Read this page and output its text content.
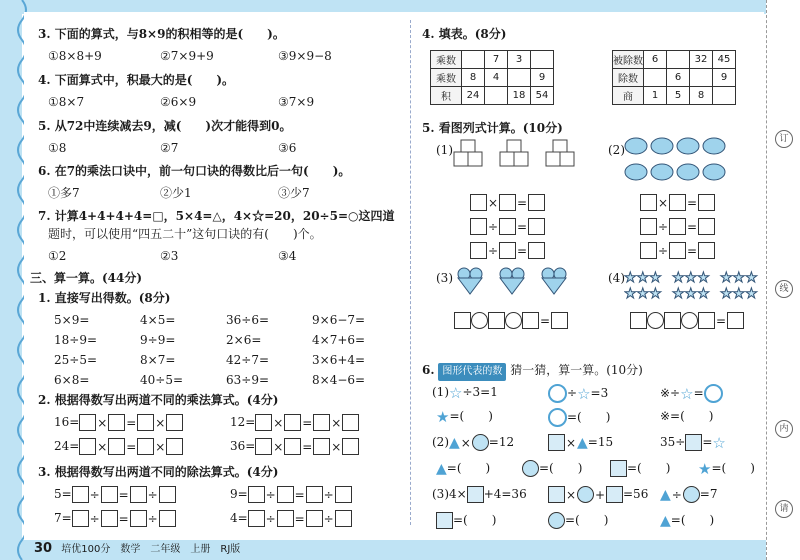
订
线
内
请
3. 下面的算式，与8×9的积相等的是(　　)。
①8×8+9	②7×9+9	③9×9−8
4. 下面算式中，积最大的是(　　)。
①8×7	②6×9	③7×9
5. 从72中连续减去9，减(　　)次才能得到0。
①8	②7	③6
6. 在7的乘法口诀中，前一句口诀的得数比后一句(　　)。
①多7	②少1	③少7
7. 计算4+4+4+4=□，5×4=△，4×☆=20，20÷5=○这四道
题时，可以使用“四五二十”这句口诀的有(　　)个。
①2	②3	③4
三、算一算。(44分)
1. 直接写出得数。(8分)
5×9=	4×5=	36÷6=	9×6−7=
18÷9=	9÷9=	2×6=	4×7+6=
25÷5=	8×7=	42÷7=	3×6+4=
6×8=	40÷5=	63÷9=	8×4−6=
2. 根据得数写出两道不同的乘法算式。(4分)
16= × = ×
24= × = ×
12= × = ×
36= × = ×
3. 根据得数写出两道不同的除法算式。(4分)
5= ÷ = ÷
7= ÷ = ÷
9= ÷ = ÷
4= ÷ = ÷
4. 填表。(8分)
乘数		7	3	
乘数	8	4		9
积	24		18	54
被除数	6		32	45
除数		6		9
商	1	5	8	
5. 看图列式计算。(10分)
(1)
× =
÷ =
÷ =
(2)
× =
÷ =
÷ =
(3)
=
(4) ★★★ ★★★ ★★★
★★★ ★★★ ★★★
=
6. 图形代表的数 猜一猜，算一算。(10分)
(1)☆÷3=1	÷☆=3	※÷☆=
★=(　　)	=(　　)	※=(　　)
(2)▲× =12	×▲=15	35÷ =☆
▲=(　　)	=(　　)	=(　　) ★=(　　)
(3)4× +4=36	× + =56 ▲÷ =7
=(　　)	=(　　)	▲=(　　)
30 培优100分　数学　二年级　上册　RJ版
